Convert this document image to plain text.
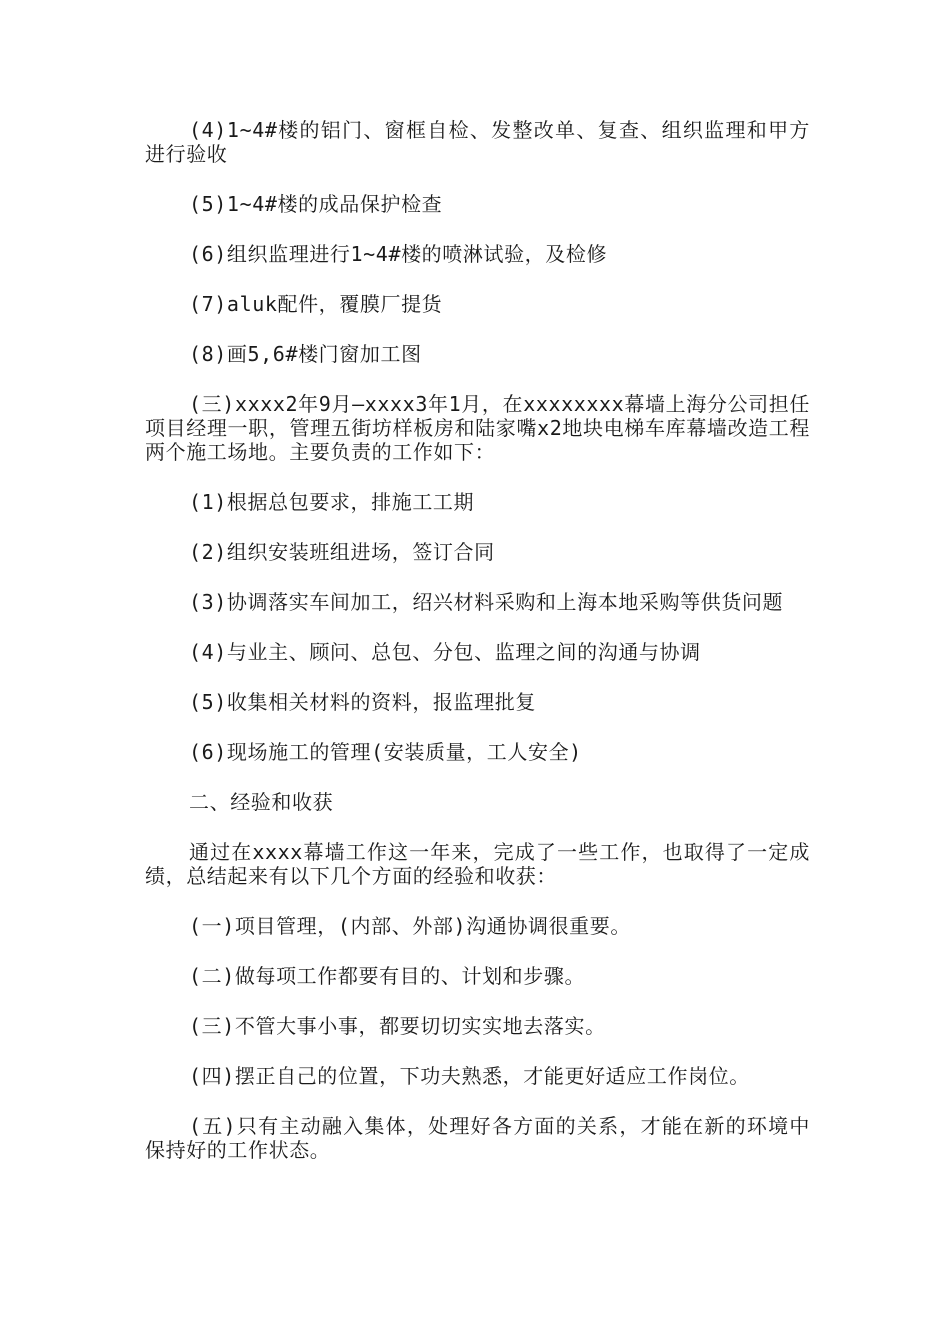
(4)1~4#楼的铝门、窗框自检、发整改单、复查、组织监理和甲方进行验收

(5)1~4#楼的成品保护检查

(6)组织监理进行1~4#楼的喷淋试验，及检修

(7)aluk配件，覆膜厂提货

(8)画5,6#楼门窗加工图

(三)xxxx2年9月—xxxx3年1月，在xxxxxxxx幕墙上海分公司担任项目经理一职，管理五街坊样板房和陆家嘴x2地块电梯车库幕墙改造工程两个施工场地。主要负责的工作如下：

(1)根据总包要求，排施工工期

(2)组织安装班组进场，签订合同

(3)协调落实车间加工，绍兴材料采购和上海本地采购等供货问题

(4)与业主、顾问、总包、分包、监理之间的沟通与协调

(5)收集相关材料的资料，报监理批复

(6)现场施工的管理(安装质量，工人安全)

二、经验和收获

通过在xxxx幕墙工作这一年来，完成了一些工作，也取得了一定成绩，总结起来有以下几个方面的经验和收获：

(一)项目管理，(内部、外部)沟通协调很重要。

(二)做每项工作都要有目的、计划和步骤。

(三)不管大事小事，都要切切实实地去落实。

(四)摆正自己的位置，下功夫熟悉，才能更好适应工作岗位。

(五)只有主动融入集体，处理好各方面的关系，才能在新的环境中保持好的工作状态。
